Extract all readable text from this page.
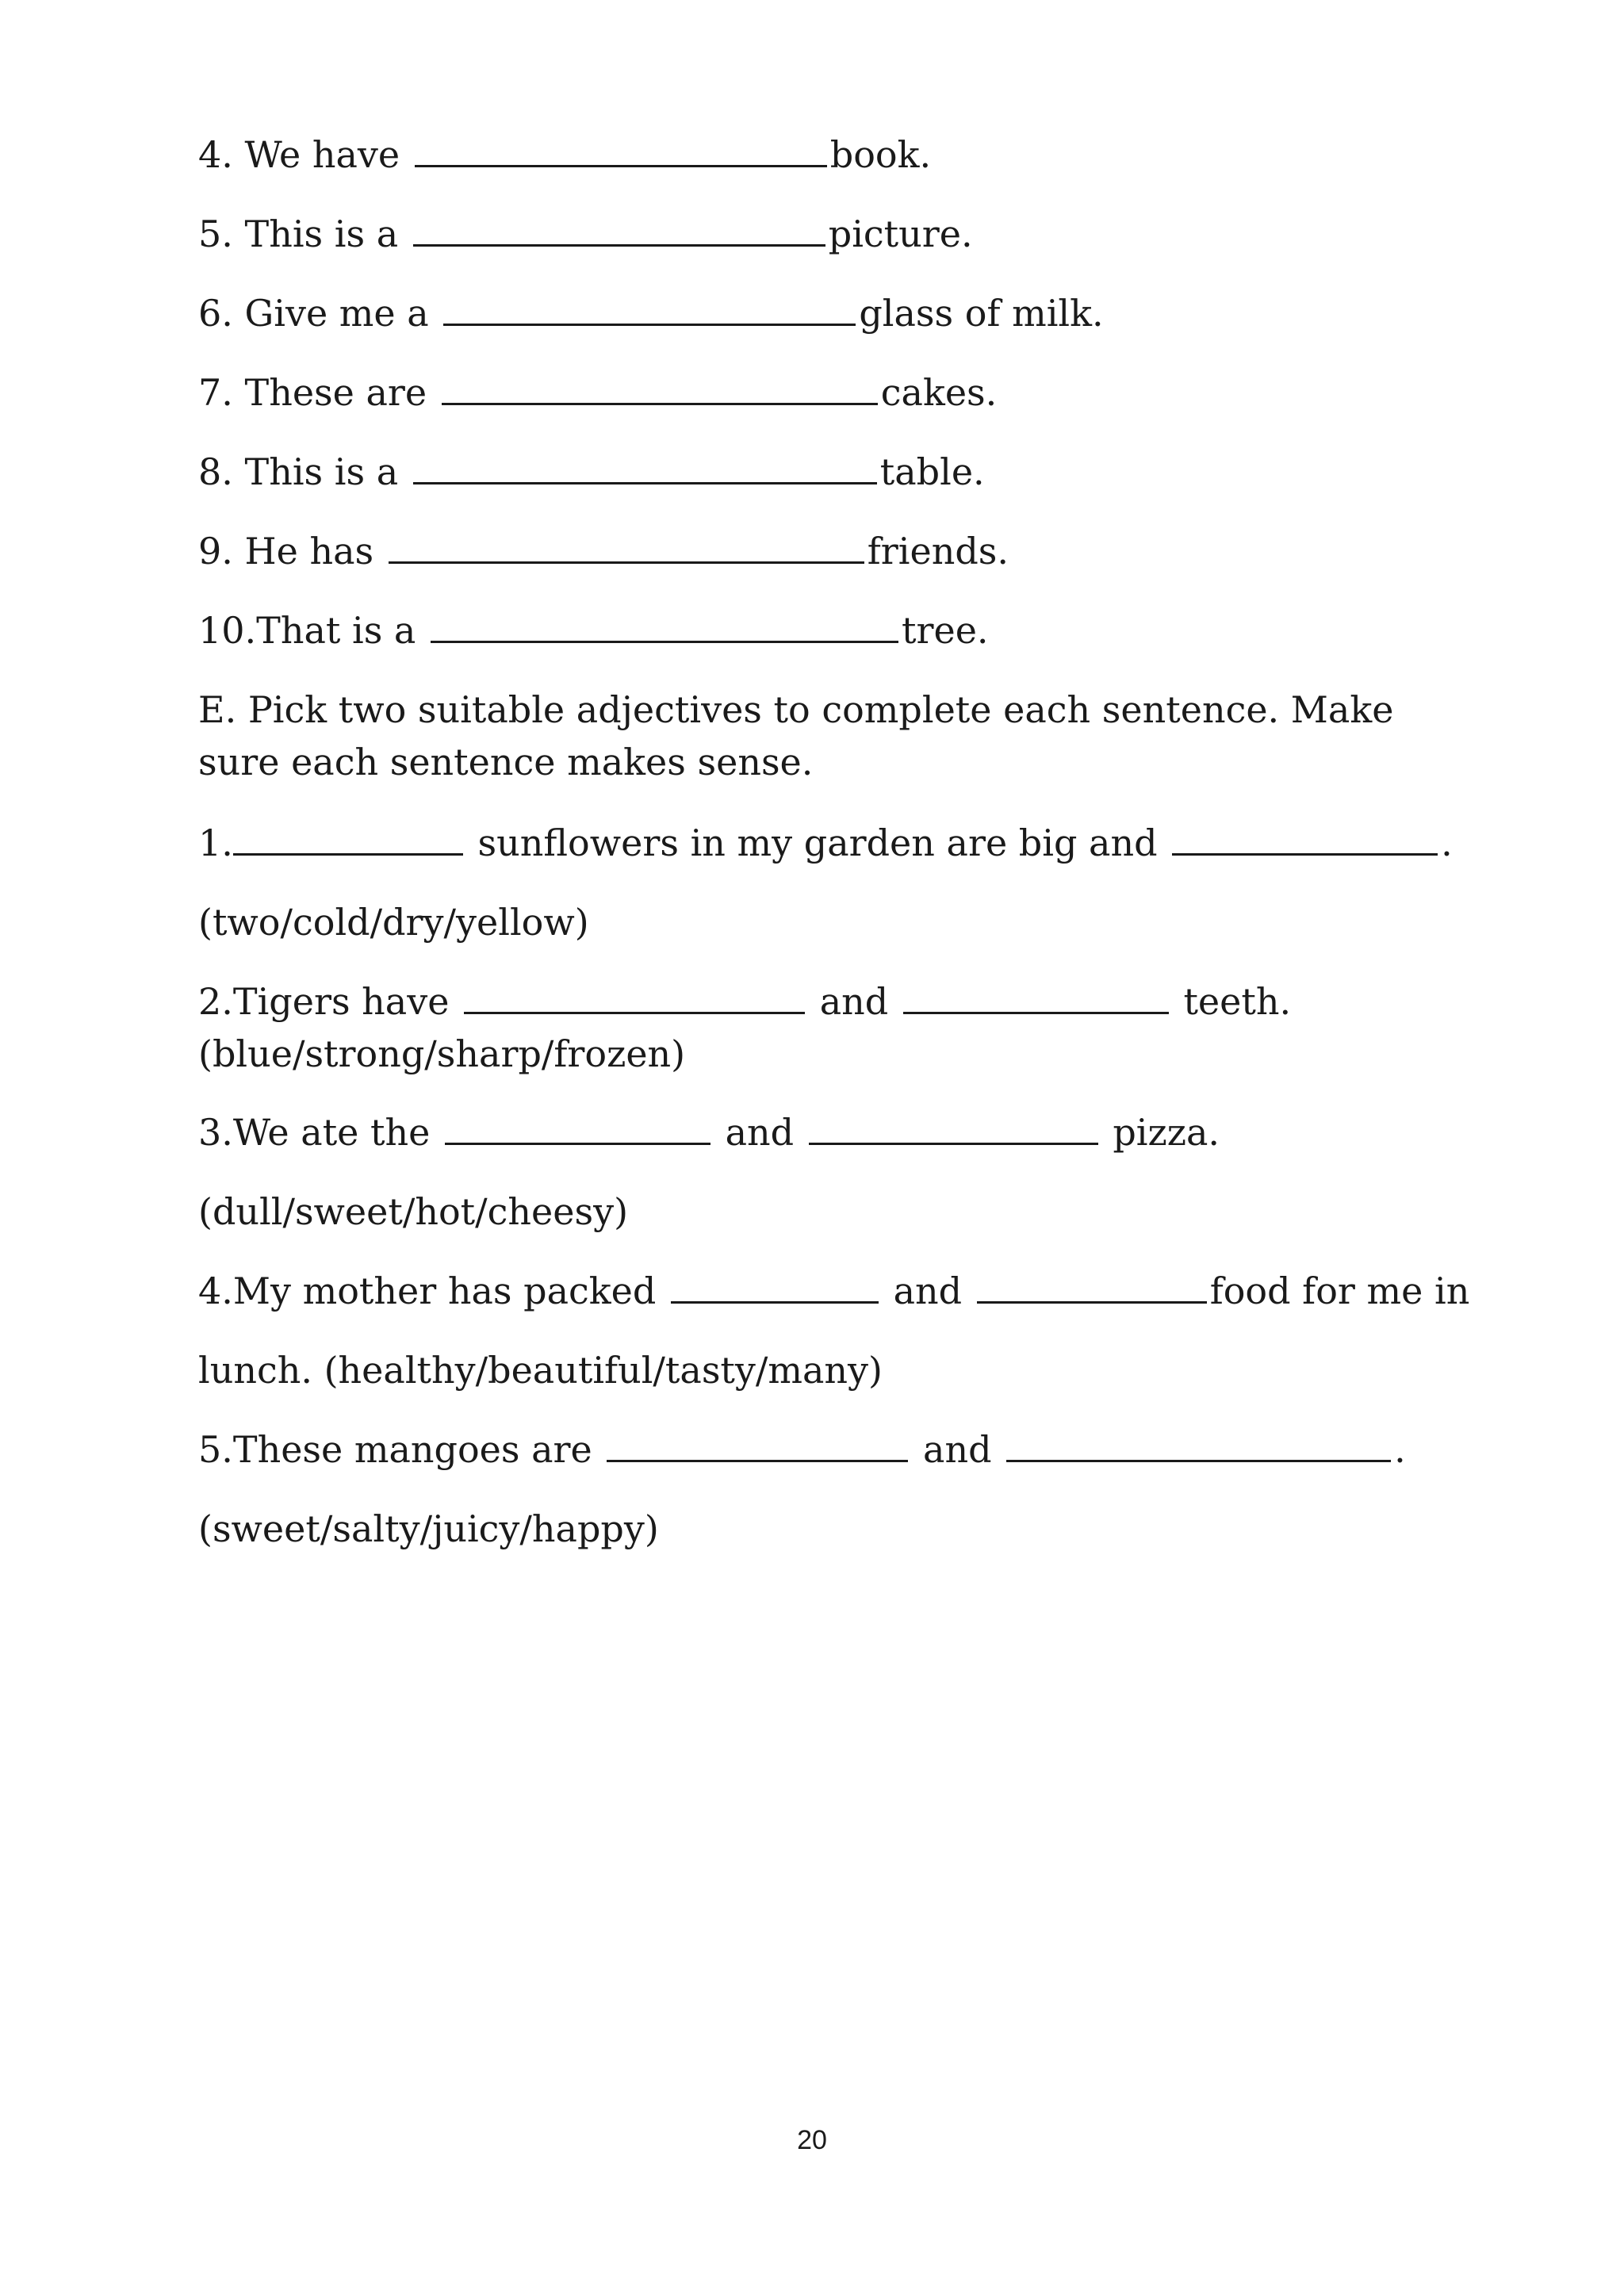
4. We have	book.
5. This is a	picture.
6. Give me a	glass of milk.
7. These are	cakes.
8. This is a	table.
9. He has	friends.
10.That is a	tree.
E. Pick two suitable adjectives to complete each sentence. Make sure each sentence makes sense.
1.	sunflowers in my garden are big and	.
(two/cold/dry/yellow)
2.Tigers have	and	teeth.
(blue/strong/sharp/frozen)
3.We ate the	and	pizza.
(dull/sweet/hot/cheesy)
4.My mother has packed	and	food for me in
lunch. (healthy/beautiful/tasty/many)
5.These mangoes are	and	.
(sweet/salty/juicy/happy)
20
